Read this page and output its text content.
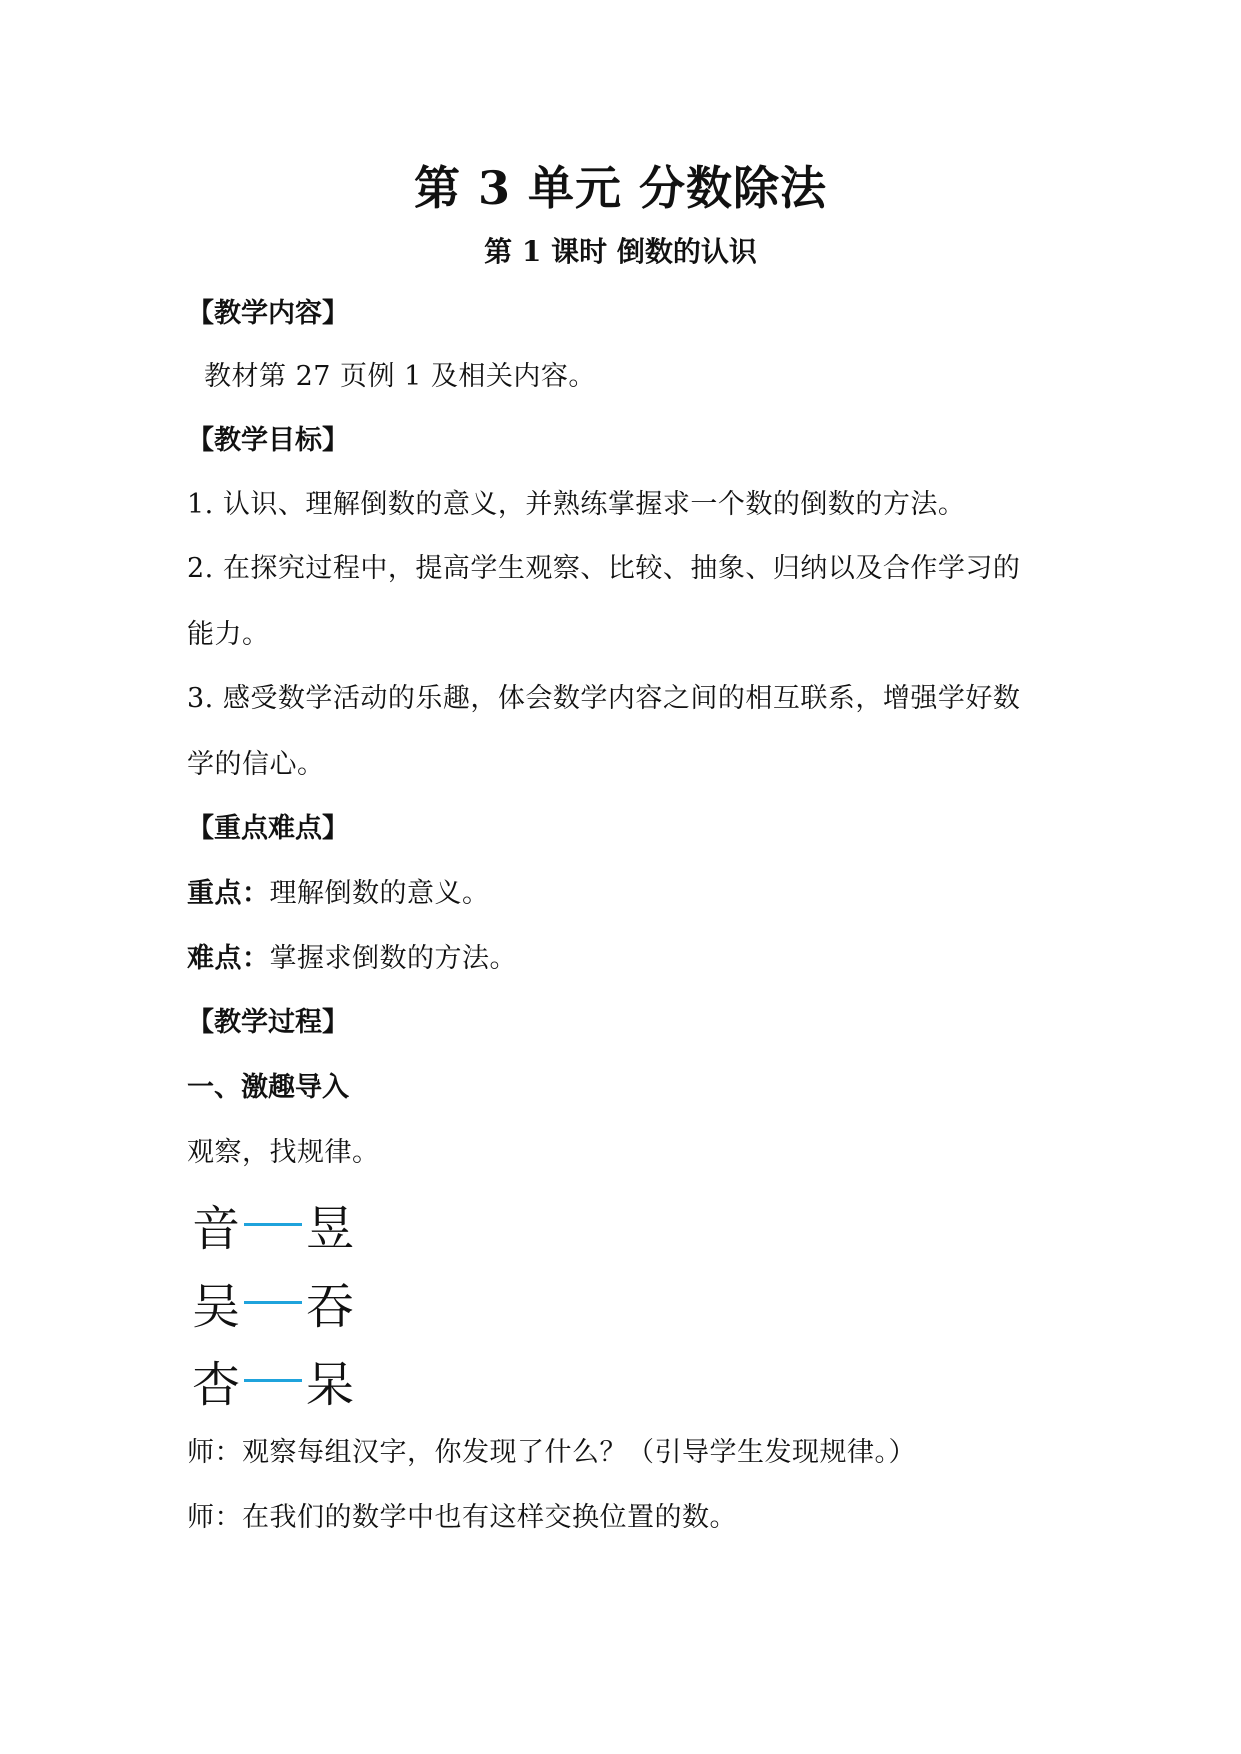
第 3 单元 分数除法
第 1 课时 倒数的认识
【教学内容】
教材第 27 页例 1 及相关内容。
【教学目标】
1. 认识、理解倒数的意义，并熟练掌握求一个数的倒数的方法。
2. 在探究过程中，提高学生观察、比较、抽象、归纳以及合作学习的
能力。
3. 感受数学活动的乐趣，体会数学内容之间的相互联系，增强学好数
学的信心。
【重点难点】
重点：理解倒数的意义。
难点：掌握求倒数的方法。
【教学过程】
一、激趣导入
观察，找规律。
音 昱
吴 吞
杏 呆
师：观察每组汉字，你发现了什么？（引导学生发现规律。）
师：在我们的数学中也有这样交换位置的数。
